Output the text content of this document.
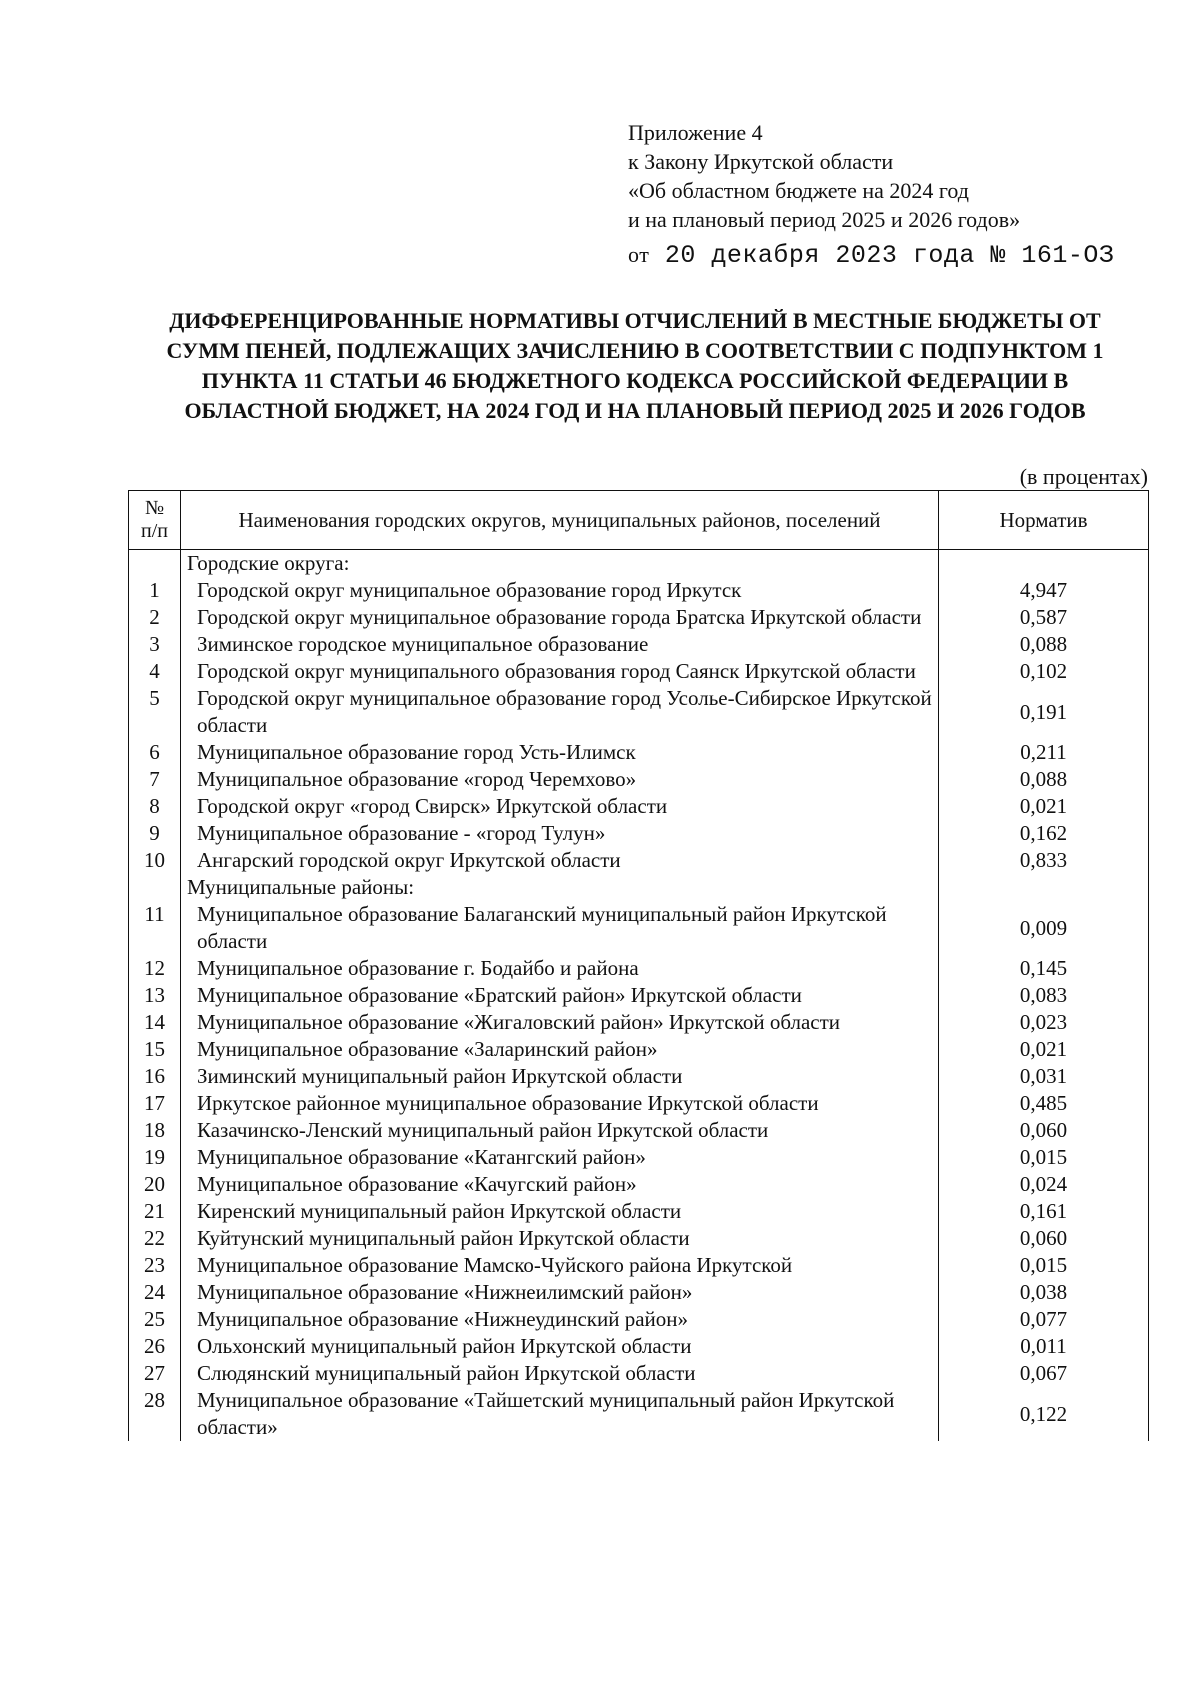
Приложение 4
к Закону Иркутской области
«Об областном бюджете на 2024 год
и на плановый период 2025 и 2026 годов»
от 20 декабря 2023 года № 161-ОЗ
ДИФФЕРЕНЦИРОВАННЫЕ НОРМАТИВЫ ОТЧИСЛЕНИЙ В МЕСТНЫЕ БЮДЖЕТЫ ОТ СУММ ПЕНЕЙ, ПОДЛЕЖАЩИХ ЗАЧИСЛЕНИЮ В СООТВЕТСТВИИ С ПОДПУНКТОМ 1 ПУНКТА 11 СТАТЬИ 46 БЮДЖЕТНОГО КОДЕКСА РОССИЙСКОЙ ФЕДЕРАЦИИ В ОБЛАСТНОЙ БЮДЖЕТ, НА 2024 ГОД И НА ПЛАНОВЫЙ ПЕРИОД 2025 И 2026 ГОДОВ
(в процентах)
№
п/п	Наименования городских округов, муниципальных районов, поселений	Норматив
	Городские округа:	
1	Городской округ муниципальное образование город Иркутск	4,947
2	Городской округ муниципальное образование города Братска Иркутской области	0,587
3	Зиминское городское муниципальное образование	0,088
4	Городской округ муниципального образования город Саянск Иркутской области	0,102
5	Городской округ муниципальное образование город Усолье-Сибирское Иркутской области	0,191
6	Муниципальное образование город Усть-Илимск	0,211
7	Муниципальное образование «город Черемхово»	0,088
8	Городской округ «город Свирск» Иркутской области	0,021
9	Муниципальное образование - «город Тулун»	0,162
10	Ангарский городской округ Иркутской области	0,833
	Муниципальные районы:	
11	Муниципальное образование Балаганский муниципальный район Иркутской области	0,009
12	Муниципальное образование г. Бодайбо и района	0,145
13	Муниципальное образование «Братский район» Иркутской области	0,083
14	Муниципальное образование «Жигаловский район» Иркутской области	0,023
15	Муниципальное образование «Заларинский район»	0,021
16	Зиминский муниципальный район Иркутской области	0,031
17	Иркутское районное муниципальное образование Иркутской области	0,485
18	Казачинско-Ленский муниципальный район Иркутской области	0,060
19	Муниципальное образование «Катангский район»	0,015
20	Муниципальное образование «Качугский район»	0,024
21	Киренский муниципальный район Иркутской области	0,161
22	Куйтунский муниципальный район Иркутской области	0,060
23	Муниципальное образование Мамско-Чуйского района Иркутской	0,015
24	Муниципальное образование «Нижнеилимский район»	0,038
25	Муниципальное образование «Нижнеудинский район»	0,077
26	Ольхонский муниципальный район Иркутской области	0,011
27	Слюдянский муниципальный район Иркутской области	0,067
28	Муниципальное образование «Тайшетский муниципальный район Иркутской области»	0,122
